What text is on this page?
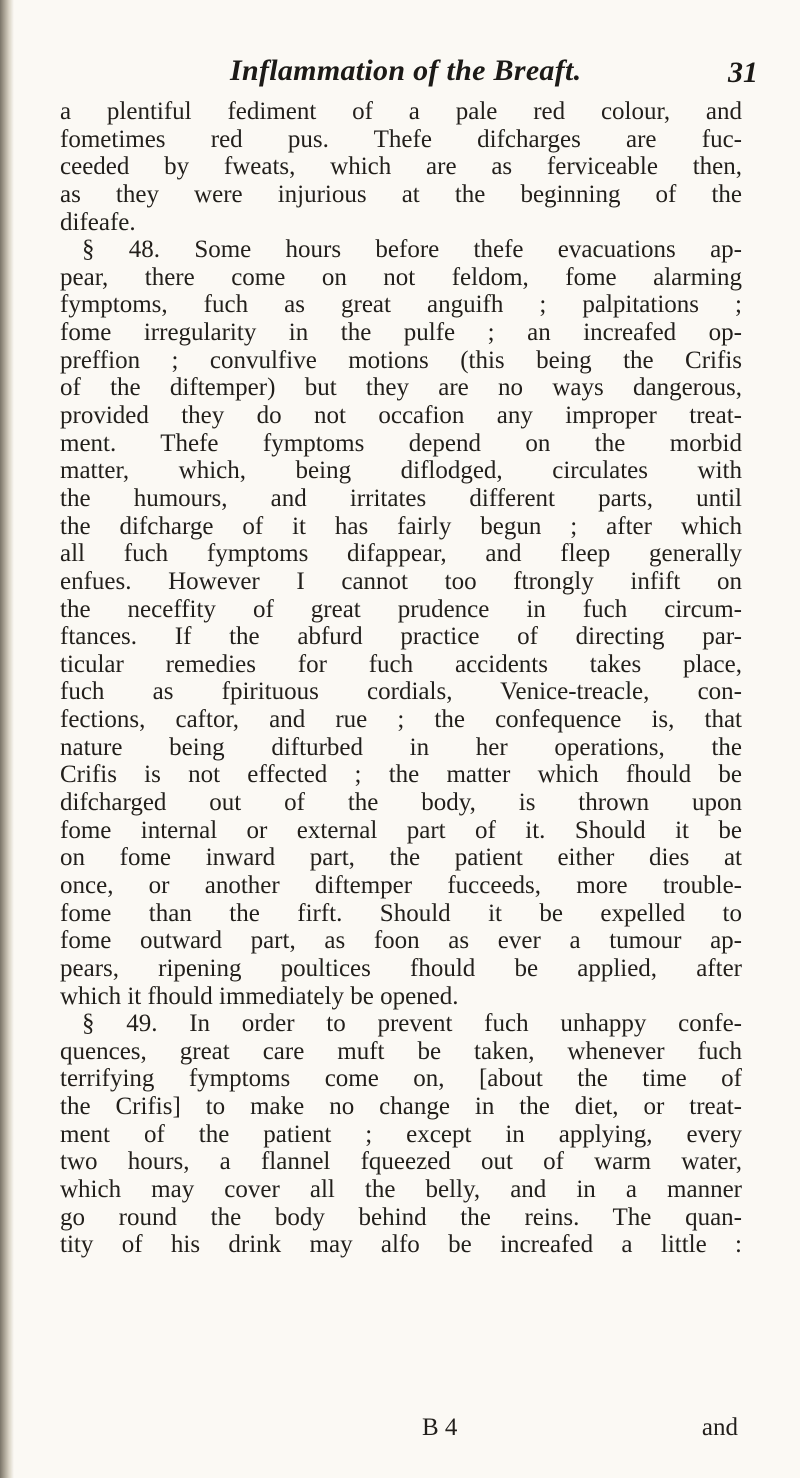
Inflammation of the Breaft.	31
a plentiful fediment of a pale red colour, and
fometimes red pus. Thefe difcharges are fuc-
ceeded by fweats, which are as ferviceable then,
as they were injurious at the beginning of the
difeafe.
§ 48. Some hours before thefe evacuations ap-
pear, there come on not feldom, fome alarming
fymptoms, fuch as great anguifh ; palpitations ;
fome irregularity in the pulfe ; an increafed op-
preffion ; convulfive motions (this being the Crifis
of the diftemper) but they are no ways dangerous,
provided they do not occafion any improper treat-
ment. Thefe fymptoms depend on the morbid
matter, which, being diflodged, circulates with
the humours, and irritates different parts, until
the difcharge of it has fairly begun ; after which
all fuch fymptoms difappear, and fleep generally
enfues. However I cannot too ftrongly infift on
the neceffity of great prudence in fuch circum-
ftances. If the abfurd practice of directing par-
ticular remedies for fuch accidents takes place,
fuch as fpirituous cordials, Venice-treacle, con-
fections, caftor, and rue ; the confequence is, that
nature being difturbed in her operations, the
Crifis is not effected ; the matter which fhould be
difcharged out of the body, is thrown upon
fome internal or external part of it. Should it be
on fome inward part, the patient either dies at
once, or another diftemper fucceeds, more trouble-
fome than the firft. Should it be expelled to
fome outward part, as foon as ever a tumour ap-
pears, ripening poultices fhould be applied, after
which it fhould immediately be opened.
§ 49. In order to prevent fuch unhappy confe-
quences, great care muft be taken, whenever fuch
terrifying fymptoms come on, [about the time of
the Crifis] to make no change in the diet, or treat-
ment of the patient ; except in applying, every
two hours, a flannel fqueezed out of warm water,
which may cover all the belly, and in a manner
go round the body behind the reins. The quan-
tity of his drink may alfo be increafed a little :
B 4	and
